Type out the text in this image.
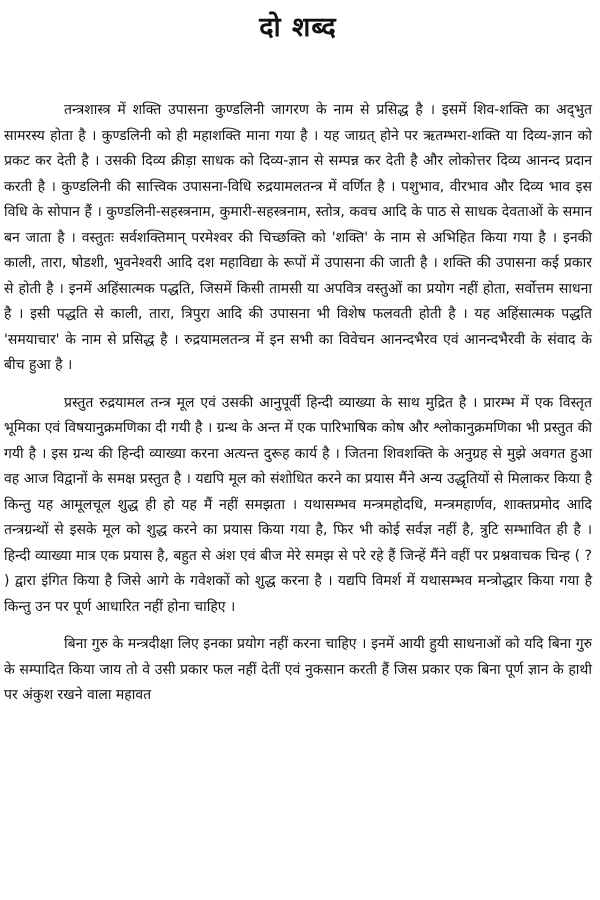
दो शब्द

तन्त्रशास्त्र में शक्ति उपासना कुण्डलिनी जागरण के नाम से प्रसिद्ध है । इसमें शिव-शक्ति का अद्‌भुत सामरस्य होता है । कुण्डलिनी को ही महाशक्ति माना गया है । यह जाग्रत्‌ होने पर ऋतम्भरा-शक्ति या दिव्य-ज्ञान को प्रकट कर देती है । उसकी दिव्य क्रीड़ा साधक को दिव्य-ज्ञान से सम्पन्न कर देती है और लोकोत्तर दिव्य आनन्द प्रदान करती है । कुण्डलिनी की सात्त्विक उपासना-विधि रुद्रयामलतन्त्र में वर्णित है । पशुभाव, वीरभाव और दिव्य भाव इस विधि के सोपान हैं । कुण्डलिनी-सहस्त्रनाम, कुमारी-सहस्त्रनाम, स्तोत्र, कवच आदि के पाठ से साधक देवताओं के समान बन जाता है । वस्तुतः सर्वशक्तिमान्‌ परमेश्वर की चिच्छक्ति को 'शक्ति' के नाम से अभिहित किया गया है । इनकी काली, तारा, षोडशी, भुवनेश्वरी आदि दश महाविद्या के रूपों में उपासना की जाती है । शक्ति की उपासना कई प्रकार से होती है । इनमें अहिंसात्मक पद्धति, जिसमें किसी तामसी या अपवित्र वस्तुओं का प्रयोग नहीं होता, सर्वोत्तम साधना है । इसी पद्धति से काली, तारा, त्रिपुरा आदि की उपासना भी विशेष फलवती होती है । यह अहिंसात्मक पद्धति 'समयाचार' के नाम से प्रसिद्ध है । रुद्रयामलतन्त्र में इन सभी का विवेचन आनन्दभैरव एवं आनन्दभैरवी के संवाद के बीच हुआ है ।

प्रस्तुत रुद्रयामल तन्त्र मूल एवं उसकी आनुपूर्वी हिन्दी व्याख्या के साथ मुद्रित है । प्रारम्भ में एक विस्तृत भूमिका एवं विषयानुक्रमणिका दी गयी है । ग्रन्थ के अन्त में एक पारिभाषिक कोष और श्लोकानुक्रमणिका भी प्रस्तुत की गयी है । इस ग्रन्थ की हिन्दी व्याख्या करना अत्यन्त दुरूह कार्य है । जितना शिवशक्ति के अनुग्रह से मुझे अवगत हुआ वह आज विद्वानों के समक्ष प्रस्तुत है । यद्यपि मूल को संशोधित करने का प्रयास मैंने अन्य उद्धृतियों से मिलाकर किया है किन्तु यह आमूलचूल शुद्ध ही हो यह मैं नहीं समझता । यथासम्भव मन्त्रमहोदधि, मन्त्रमहार्णव, शाक्तप्रमोद आदि तन्त्रग्रन्थों से इसके मूल को शुद्ध करने का प्रयास किया गया है, फिर भी कोई सर्वज्ञ नहीं है, त्रुटि सम्भावित ही है । हिन्दी व्याख्या मात्र एक प्रयास है, बहुत से अंश एवं बीज मेरे समझ से परे रहे हैं जिन्हें मैंने वहीं पर प्रश्नवाचक चिन्ह ( ? ) द्वारा इंगित किया है जिसे आगे के गवेशकों को शुद्ध करना है । यद्यपि विमर्श में यथासम्भव मन्त्रोद्धार किया गया है किन्तु उन पर पूर्ण आधारित नहीं होना चाहिए ।

बिना गुरु के मन्त्रदीक्षा लिए इनका प्रयोग नहीं करना चाहिए । इनमें आयी हुयी साधनाओं को यदि बिना गुरु के सम्पादित किया जाय तो वे उसी प्रकार फल नहीं देतीं एवं नुकसान करती हैं जिस प्रकार एक बिना पूर्ण ज्ञान के हाथी पर अंकुश रखने वाला महावत
